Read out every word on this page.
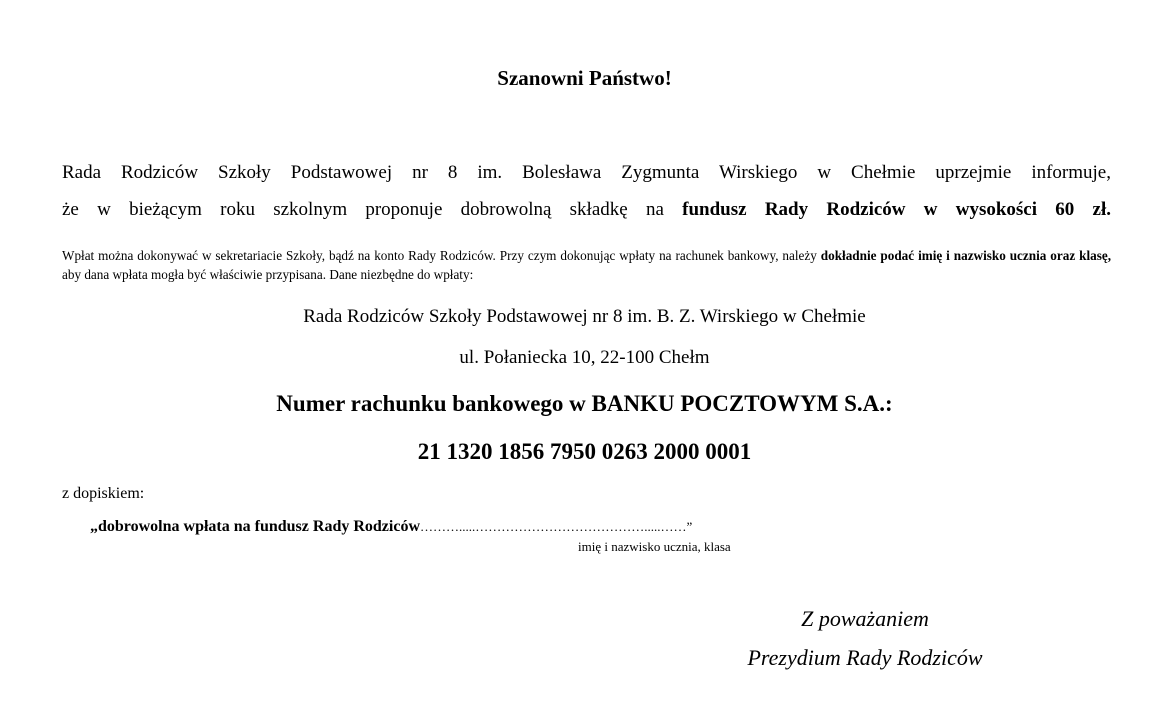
Szanowni Państwo!
Rada Rodziców Szkoły Podstawowej nr 8 im. Bolesława Zygmunta Wirskiego w Chełmie uprzejmie informuje,
że w bieżącym roku szkolnym proponuje dobrowolną składkę na fundusz Rady Rodziców w wysokości 60 zł.

Wpłat można dokonywać w sekretariacie Szkoły, bądź na konto Rady Rodziców. Przy czym dokonując wpłaty na rachunek bankowy, należy dokładnie podać imię i nazwisko ucznia oraz klasę, aby dana wpłata mogła być właściwie przypisana. Dane niezbędne do wpłaty:

Rada Rodziców Szkoły Podstawowej nr 8 im. B. Z. Wirskiego w Chełmie
ul. Połaniecka 10, 22-100 Chełm
Numer rachunku bankowego w BANKU POCZTOWYM S.A.:
21 1320 1856 7950 0263 2000 0001
z dopiskiem:
„dobrowolna wpłata na fundusz Rady Rodziców……….....………………………………….....……”
imię i nazwisko ucznia, klasa
Z poważaniem
Prezydium Rady Rodziców
